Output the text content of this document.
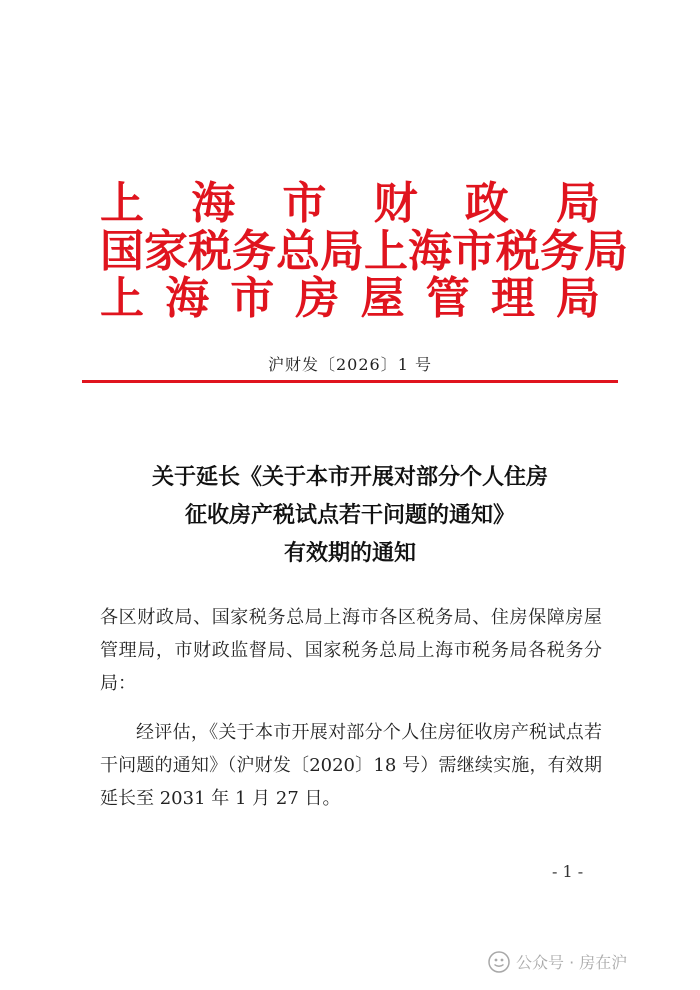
上 海 市 财 政 局
国 家 税 务 总 局 上 海 市 税 务 局
上 海 市 房 屋 管 理 局
沪财发〔2026〕1 号
关于延长《关于本市开展对部分个人住房
征收房产税试点若干问题的通知》
有效期的通知
各区财政局、国家税务总局上海市各区税务局、住房保障房屋管理局，市财政监督局、国家税务总局上海市税务局各税务分局：
经评估，《关于本市开展对部分个人住房征收房产税试点若干问题的通知》（沪财发〔2020〕18 号）需继续实施，有效期延长至 2031 年 1 月 27 日。
- 1 -
公众号 · 房在沪
